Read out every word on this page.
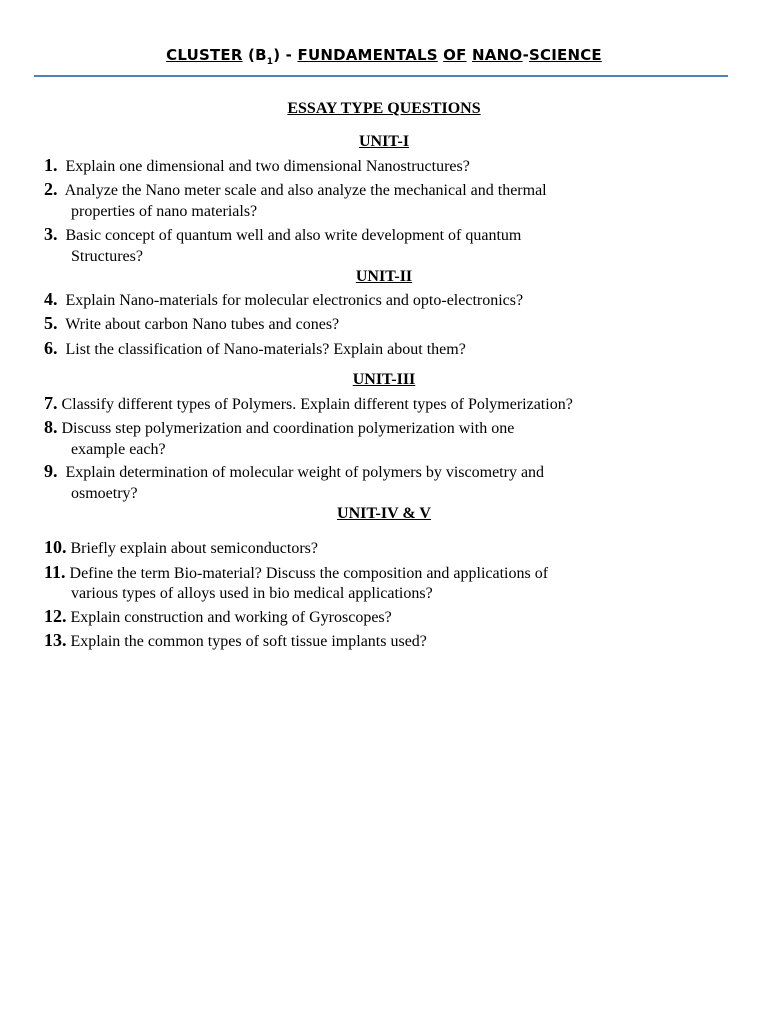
CLUSTER $(B_1)$ - FUNDAMENTALS OF NANO-SCIENCE
ESSAY TYPE QUESTIONS
UNIT-I
1. Explain one dimensional and two dimensional Nanostructures?
2. Analyze the Nano meter scale and also analyze the mechanical and thermal
properties of nano materials?
3. Basic concept of quantum well and also write development of quantum
Structures?
UNIT-II
4. Explain Nano-materials for molecular electronics and opto-electronics?
5. Write about carbon Nano tubes and cones?
6. List the classification of Nano-materials? Explain about them?
UNIT-III
7. Classify different types of Polymers. Explain different types of Polymerization?
8. Discuss step polymerization and coordination polymerization with one
example each?
9. Explain determination of molecular weight of polymers by viscometry and
osmoetry?
UNIT-IV & V
10. Briefly explain about semiconductors?
11. Define the term Bio-material? Discuss the composition and applications of
various types of alloys used in bio medical applications?
12. Explain construction and working of Gyroscopes?
13. Explain the common types of soft tissue implants used?
